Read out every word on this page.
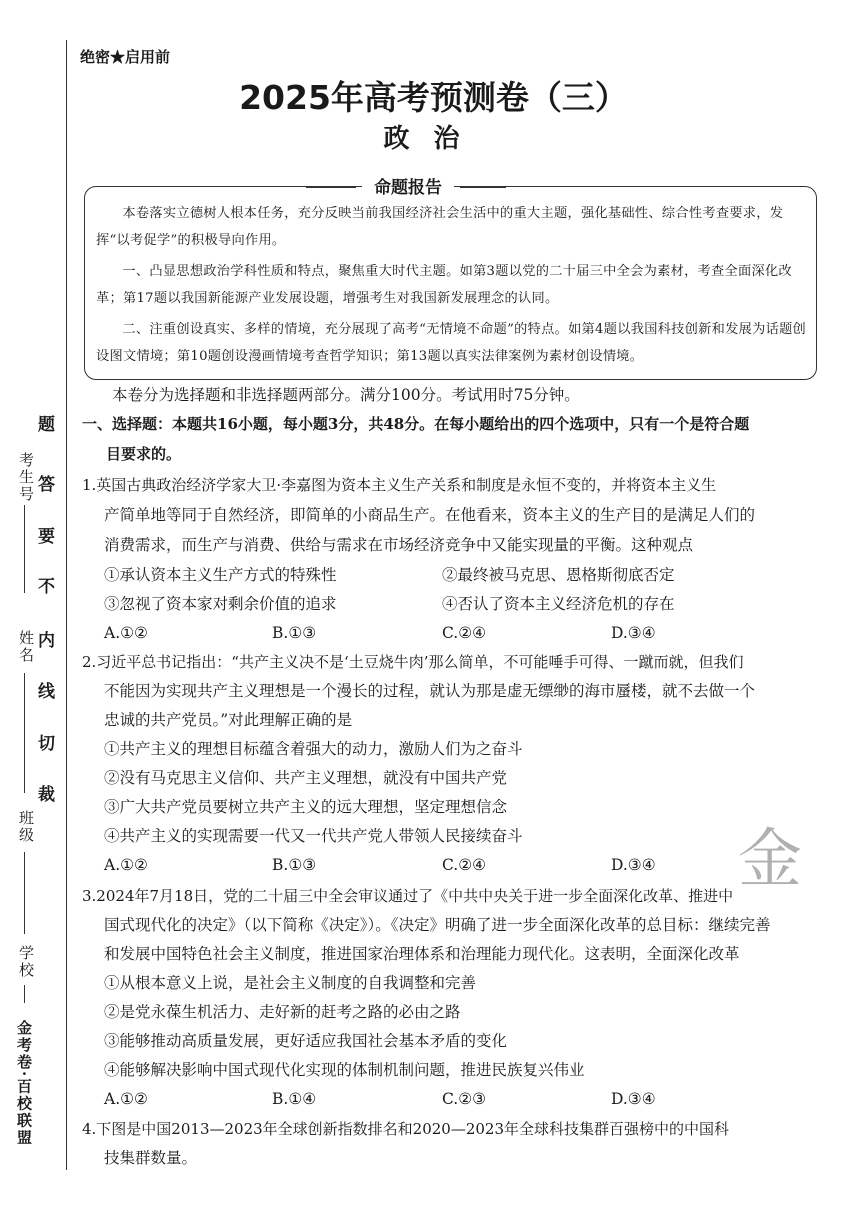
考生号
姓名
班级
学校
金考卷·百校联盟
题
答
要
不
内
线
切
裁
绝密★启用前
2025年高考预测卷（三）
政治
命题报告
本卷落实立德树人根本任务，充分反映当前我国经济社会生活中的重大主题，强化基础性、综合性考查要求，发挥“以考促学”的积极导向作用。
一、凸显思想政治学科性质和特点，聚焦重大时代主题。如第3题以党的二十届三中全会为素材，考查全面深化改革；第17题以我国新能源产业发展设题，增强考生对我国新发展理念的认同。
二、注重创设真实、多样的情境，充分展现了高考“无情境不命题”的特点。如第4题以我国科技创新和发展为话题创设图文情境；第10题创设漫画情境考查哲学知识；第13题以真实法律案例为素材创设情境。
本卷分为选择题和非选择题两部分。满分100分。考试用时75分钟。
一、选择题：本题共16小题，每小题3分，共48分。在每小题给出的四个选项中，只有一个是符合题
目要求的。
1.英国古典政治经济学家大卫·李嘉图为资本主义生产关系和制度是永恒不变的，并将资本主义生
产简单地等同于自然经济，即简单的小商品生产。在他看来，资本主义的生产目的是满足人们的
消费需求，而生产与消费、供给与需求在市场经济竞争中又能实现量的平衡。这种观点
①承认资本主义生产方式的特殊性	②最终被马克思、恩格斯彻底否定
③忽视了资本家对剩余价值的追求	④否认了资本主义经济危机的存在
A.①②	B.①③	C.②④	D.③④
2.习近平总书记指出：“共产主义决不是‘土豆烧牛肉’那么简单，不可能唾手可得、一蹴而就，但我们
不能因为实现共产主义理想是一个漫长的过程，就认为那是虚无缥缈的海市蜃楼，就不去做一个
忠诚的共产党员。”对此理解正确的是
①共产主义的理想目标蕴含着强大的动力，激励人们为之奋斗
②没有马克思主义信仰、共产主义理想，就没有中国共产党
③广大共产党员要树立共产主义的远大理想，坚定理想信念
④共产主义的实现需要一代又一代共产党人带领人民接续奋斗
A.①②	B.①③	C.②④	D.③④ 金
3.2024年7月18日，党的二十届三中全会审议通过了《中共中央关于进一步全面深化改革、推进中
国式现代化的决定》（以下简称《决定》）。《决定》明确了进一步全面深化改革的总目标：继续完善
和发展中国特色社会主义制度，推进国家治理体系和治理能力现代化。这表明，全面深化改革
①从根本意义上说，是社会主义制度的自我调整和完善
②是党永葆生机活力、走好新的赶考之路的必由之路
③能够推动高质量发展，更好适应我国社会基本矛盾的变化
④能够解决影响中国式现代化实现的体制机制问题，推进民族复兴伟业
A.①②	B.①④	C.②③	D.③④
4.下图是中国2013—2023年全球创新指数排名和2020—2023年全球科技集群百强榜中的中国科
技集群数量。
